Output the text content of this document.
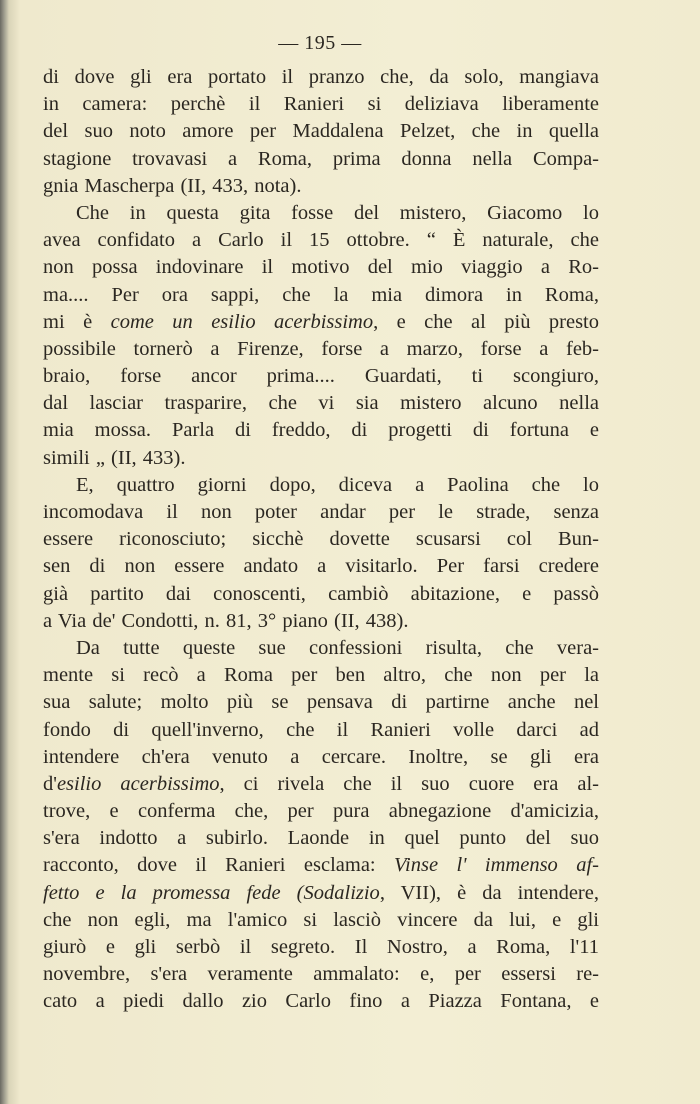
— 195 —
di dove gli era portato il pranzo che, da solo, mangiava
in camera: perchè il Ranieri si deliziava liberamente
del suo noto amore per Maddalena Pelzet, che in quella
stagione trovavasi a Roma, prima donna nella Compa-
gnia Mascherpa (II, 433, nota).
Che in questa gita fosse del mistero, Giacomo lo
avea confidato a Carlo il 15 ottobre. “ È naturale, che
non possa indovinare il motivo del mio viaggio a Ro-
ma.... Per ora sappi, che la mia dimora in Roma,
mi è come un esilio acerbissimo, e che al più presto
possibile tornerò a Firenze, forse a marzo, forse a feb-
braio, forse ancor prima.... Guardati, ti scongiuro,
dal lasciar trasparire, che vi sia mistero alcuno nella
mia mossa. Parla di freddo, di progetti di fortuna e
simili „ (II, 433).
E, quattro giorni dopo, diceva a Paolina che lo
incomodava il non poter andar per le strade, senza
essere riconosciuto; sicchè dovette scusarsi col Bun-
sen di non essere andato a visitarlo. Per farsi credere
già partito dai conoscenti, cambiò abitazione, e passò
a Via de' Condotti, n. 81, 3° piano (II, 438).
Da tutte queste sue confessioni risulta, che vera-
mente si recò a Roma per ben altro, che non per la
sua salute; molto più se pensava di partirne anche nel
fondo di quell'inverno, che il Ranieri volle darci ad
intendere ch'era venuto a cercare. Inoltre, se gli era
d'esilio acerbissimo, ci rivela che il suo cuore era al-
trove, e conferma che, per pura abnegazione d'amicizia,
s'era indotto a subirlo. Laonde in quel punto del suo
racconto, dove il Ranieri esclama: Vinse l' immenso af-
fetto e la promessa fede (Sodalizio, VII), è da intendere,
che non egli, ma l'amico si lasciò vincere da lui, e gli
giurò e gli serbò il segreto. Il Nostro, a Roma, l'11
novembre, s'era veramente ammalato: e, per essersi re-
cato a piedi dallo zio Carlo fino a Piazza Fontana, e
